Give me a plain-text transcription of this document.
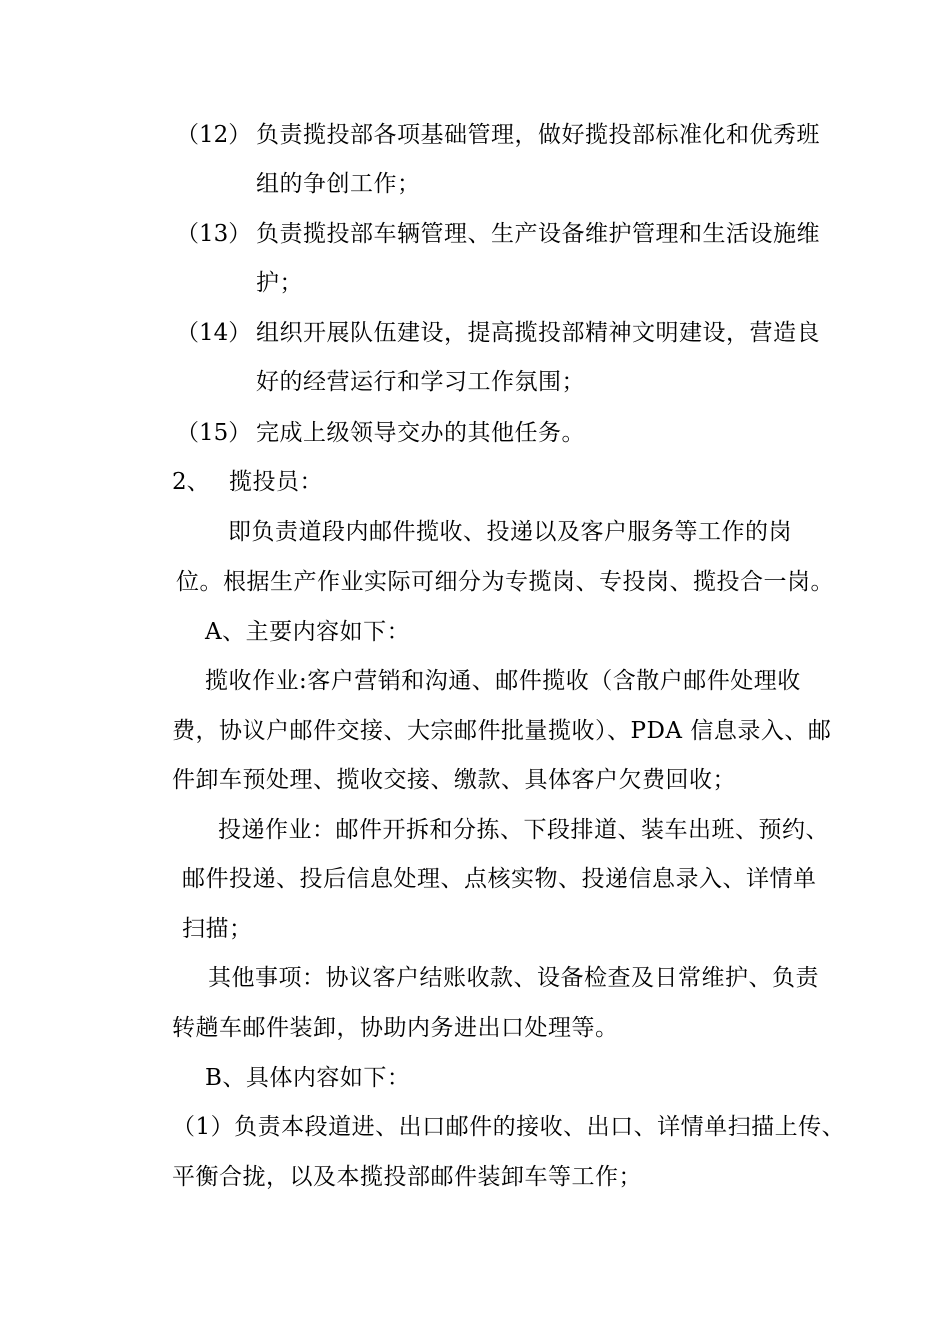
（12） 负责揽投部各项基础管理，做好揽投部标准化和优秀班
组的争创工作；
（13） 负责揽投部车辆管理、生产设备维护管理和生活设施维
护；
（14） 组织开展队伍建设，提高揽投部精神文明建设，营造良
好的经营运行和学习工作氛围；
（15） 完成上级领导交办的其他任务。
2、 揽投员：
即负责道段内邮件揽收、投递以及客户服务等工作的岗
位。根据生产作业实际可细分为专揽岗、专投岗、揽投合一岗。
A、主要内容如下：
揽收作业:客户营销和沟通、邮件揽收（含散户邮件处理收
费，协议户邮件交接、大宗邮件批量揽收）、PDA 信息录入、邮
件卸车预处理、揽收交接、缴款、具体客户欠费回收；
投递作业：邮件开拆和分拣、下段排道、装车出班、预约、
邮件投递、投后信息处理、点核实物、投递信息录入、详情单
扫描；
其他事项：协议客户结账收款、设备检查及日常维护、负责
转趟车邮件装卸，协助内务进出口处理等。
B、具体内容如下：
（1）负责本段道进、出口邮件的接收、出口、详情单扫描上传、
平衡合拢，以及本揽投部邮件装卸车等工作；
